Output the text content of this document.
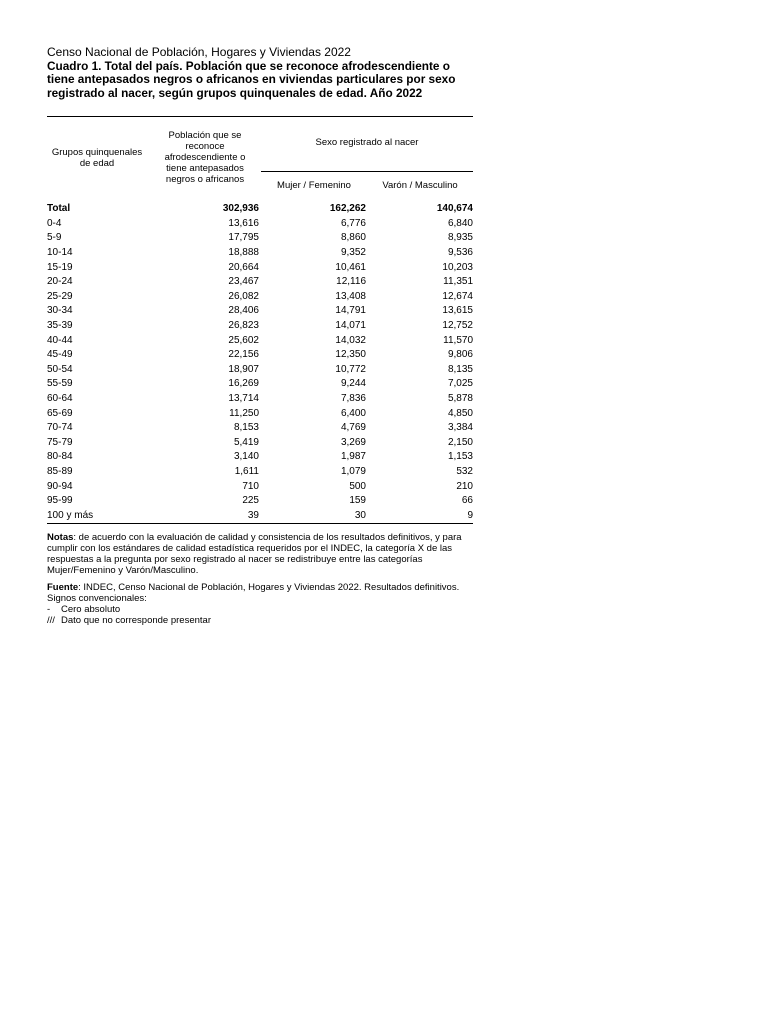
Censo Nacional de Población, Hogares y Viviendas 2022
Cuadro 1. Total del país. Población que se reconoce afrodescendiente o tiene antepasados negros o africanos en viviendas particulares por sexo registrado al nacer, según grupos quinquenales de edad. Año 2022
Grupos quinquenales de edad
Población que se reconoce afrodescendiente o tiene antepasados negros o africanos
Sexo registrado al nacer
Mujer / Femenino	Varón / Masculino
Total	302,936	162,262	140,674
0-4	13,616	6,776	6,840
5-9	17,795	8,860	8,935
10-14	18,888	9,352	9,536
15-19	20,664	10,461	10,203
20-24	23,467	12,116	11,351
25-29	26,082	13,408	12,674
30-34	28,406	14,791	13,615
35-39	26,823	14,071	12,752
40-44	25,602	14,032	11,570
45-49	22,156	12,350	9,806
50-54	18,907	10,772	8,135
55-59	16,269	9,244	7,025
60-64	13,714	7,836	5,878
65-69	11,250	6,400	4,850
70-74	8,153	4,769	3,384
75-79	5,419	3,269	2,150
80-84	3,140	1,987	1,153
85-89	1,611	1,079	532
90-94	710	500	210
95-99	225	159	66
100 y más	39	30	9
Notas: de acuerdo con la evaluación de calidad y consistencia de los resultados definitivos, y para cumplir con los estándares de calidad estadística requeridos por el INDEC, la categoría X de las respuestas a la pregunta por sexo registrado al nacer se redistribuye entre las categorías Mujer/Femenino y Varón/Masculino.
Fuente: INDEC, Censo Nacional de Población, Hogares y Viviendas 2022. Resultados definitivos.
Signos convencionales:
-	Cero absoluto
/// Dato que no corresponde presentar
